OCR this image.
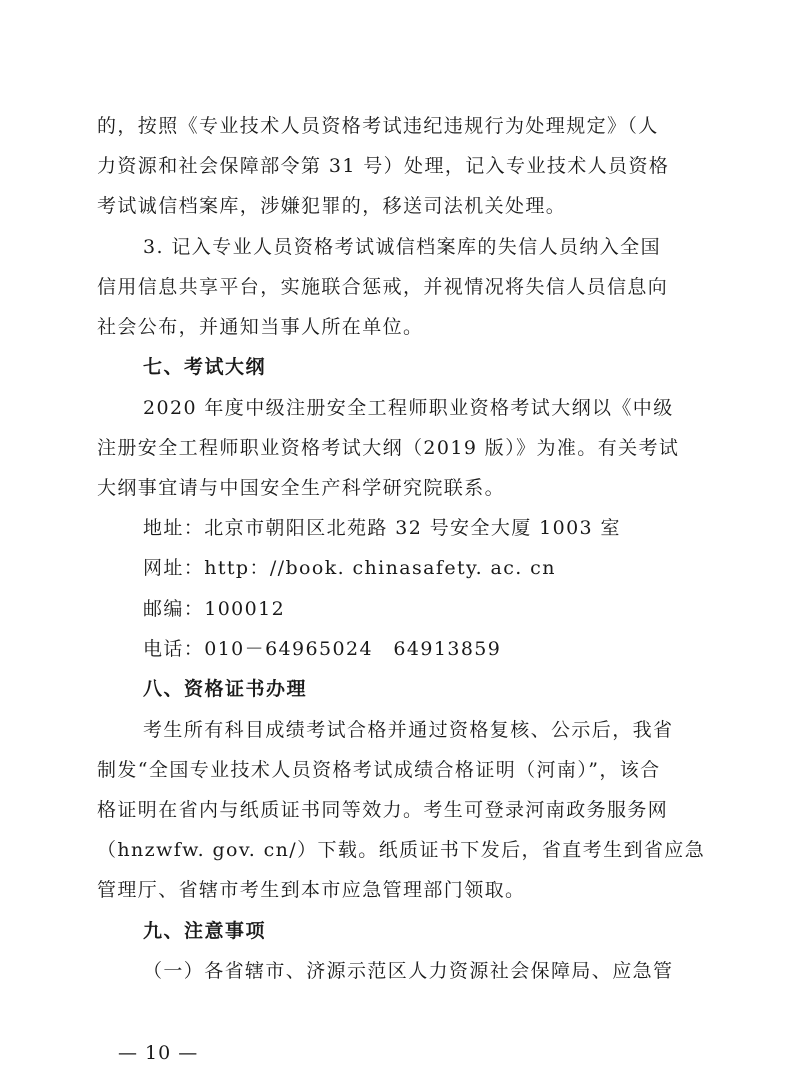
的，按照《专业技术人员资格考试违纪违规行为处理规定》（人
力资源和社会保障部令第 31 号）处理，记入专业技术人员资格
考试诚信档案库，涉嫌犯罪的，移送司法机关处理。
3. 记入专业人员资格考试诚信档案库的失信人员纳入全国
信用信息共享平台，实施联合惩戒，并视情况将失信人员信息向
社会公布，并通知当事人所在单位。
七、考试大纲
2020 年度中级注册安全工程师职业资格考试大纲以《中级
注册安全工程师职业资格考试大纲（2019 版）》为准。有关考试
大纲事宜请与中国安全生产科学研究院联系。
地址：北京市朝阳区北苑路 32 号安全大厦 1003 室
网址：http：//book. chinasafety. ac. cn
邮编：100012
电话：010－64965024　64913859
八、资格证书办理
考生所有科目成绩考试合格并通过资格复核、公示后，我省
制发“全国专业技术人员资格考试成绩合格证明（河南）”，该合
格证明在省内与纸质证书同等效力。考生可登录河南政务服务网
（hnzwfw. gov. cn/）下载。纸质证书下发后，省直考生到省应急
管理厅、省辖市考生到本市应急管理部门领取。
九、注意事项
（一）各省辖市、济源示范区人力资源社会保障局、应急管
— 10 —
